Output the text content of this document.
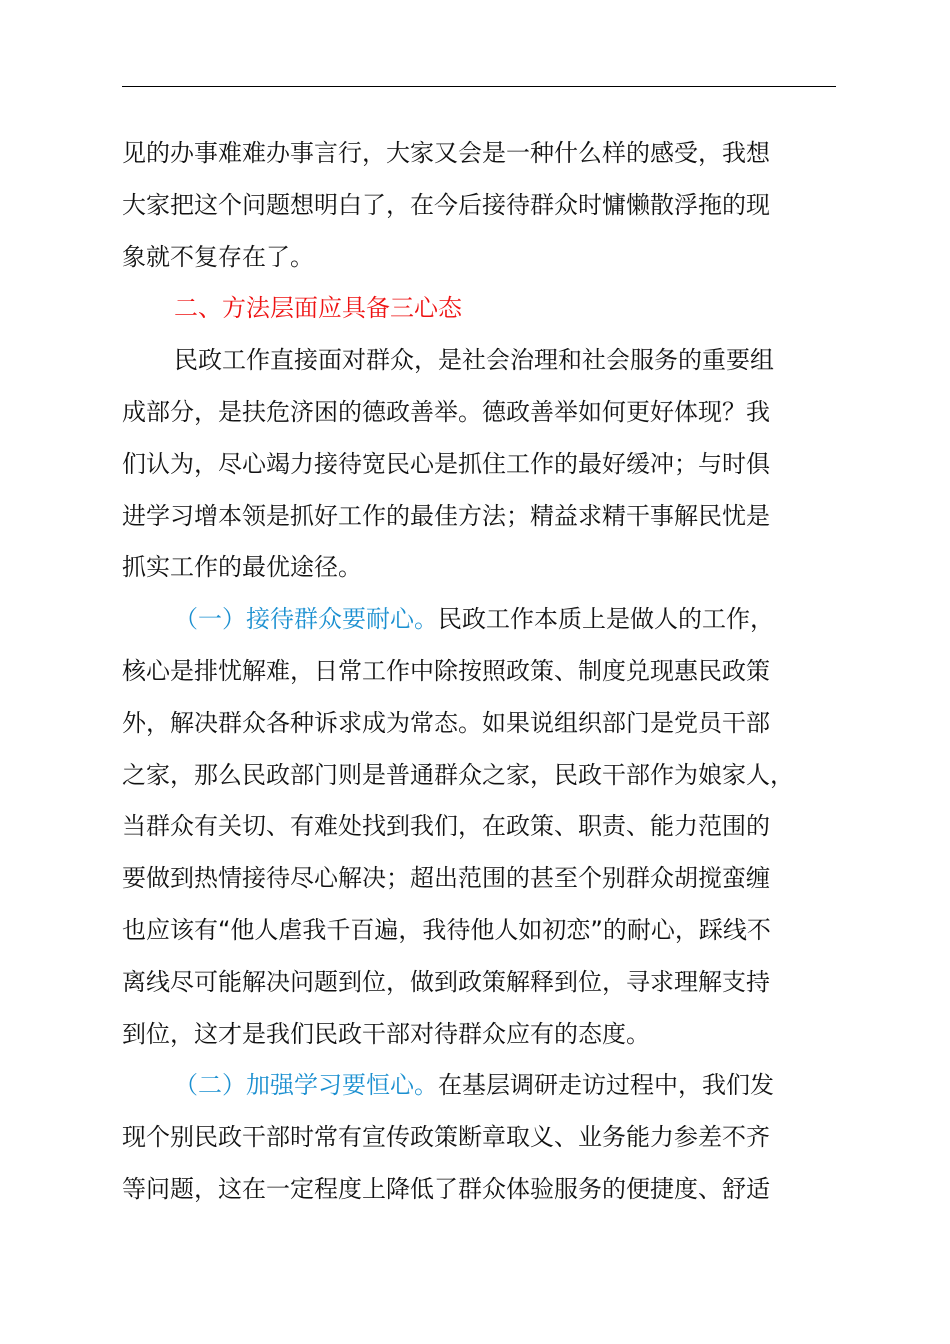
见的办事难难办事言行，大家又会是一种什么样的感受，我想
大家把这个问题想明白了，在今后接待群众时慵懒散浮拖的现
象就不复存在了。
二、方法层面应具备三心态
民政工作直接面对群众，是社会治理和社会服务的重要组
成部分，是扶危济困的德政善举。德政善举如何更好体现？我
们认为，尽心竭力接待宽民心是抓住工作的最好缓冲；与时俱
进学习增本领是抓好工作的最佳方法；精益求精干事解民忧是
抓实工作的最优途径。
（一）接待群众要耐心。民政工作本质上是做人的工作，
核心是排忧解难，日常工作中除按照政策、制度兑现惠民政策
外，解决群众各种诉求成为常态。如果说组织部门是党员干部
之家，那么民政部门则是普通群众之家，民政干部作为娘家人，
当群众有关切、有难处找到我们，在政策、职责、能力范围的
要做到热情接待尽心解决；超出范围的甚至个别群众胡搅蛮缠
也应该有“他人虐我千百遍，我待他人如初恋”的耐心，踩线不
离线尽可能解决问题到位，做到政策解释到位，寻求理解支持
到位，这才是我们民政干部对待群众应有的态度。
（二）加强学习要恒心。在基层调研走访过程中，我们发
现个别民政干部时常有宣传政策断章取义、业务能力参差不齐
等问题，这在一定程度上降低了群众体验服务的便捷度、舒适
